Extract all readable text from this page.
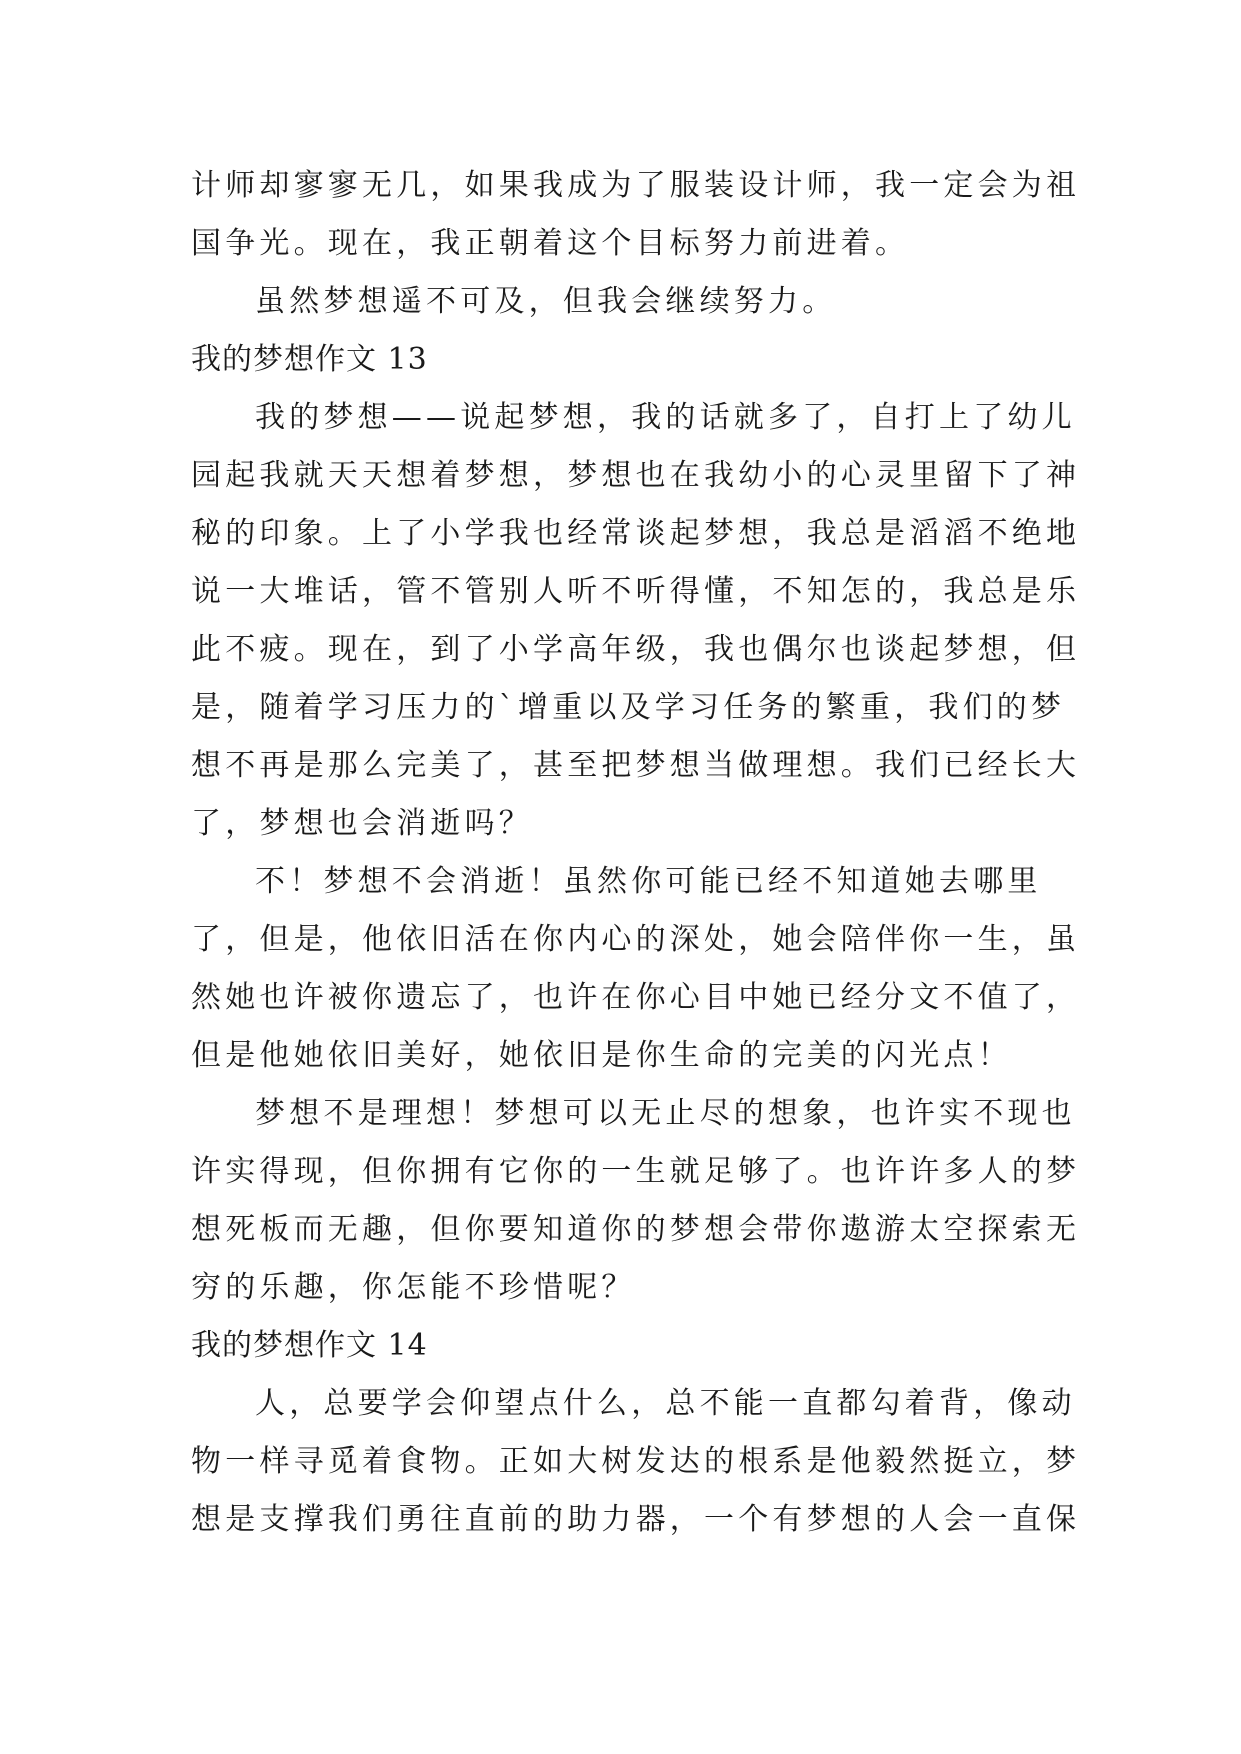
计师却寥寥无几，如果我成为了服装设计师，我一定会为祖
国争光。现在，我正朝着这个目标努力前进着。
虽然梦想遥不可及，但我会继续努力。
我的梦想作文 13
我的梦想——说起梦想，我的话就多了，自打上了幼儿
园起我就天天想着梦想，梦想也在我幼小的心灵里留下了神
秘的印象。上了小学我也经常谈起梦想，我总是滔滔不绝地
说一大堆话，管不管别人听不听得懂，不知怎的，我总是乐
此不疲。现在，到了小学高年级，我也偶尔也谈起梦想，但
是，随着学习压力的`增重以及学习任务的繁重，我们的梦
想不再是那么完美了，甚至把梦想当做理想。我们已经长大
了，梦想也会消逝吗？
不！梦想不会消逝！虽然你可能已经不知道她去哪里
了，但是，他依旧活在你内心的深处，她会陪伴你一生，虽
然她也许被你遗忘了，也许在你心目中她已经分文不值了，
但是他她依旧美好，她依旧是你生命的完美的闪光点！
梦想不是理想！梦想可以无止尽的想象，也许实不现也
许实得现，但你拥有它你的一生就足够了。也许许多人的梦
想死板而无趣，但你要知道你的梦想会带你遨游太空探索无
穷的乐趣，你怎能不珍惜呢？
我的梦想作文 14
人，总要学会仰望点什么，总不能一直都勾着背，像动
物一样寻觅着食物。正如大树发达的根系是他毅然挺立，梦
想是支撑我们勇往直前的助力器，一个有梦想的人会一直保
